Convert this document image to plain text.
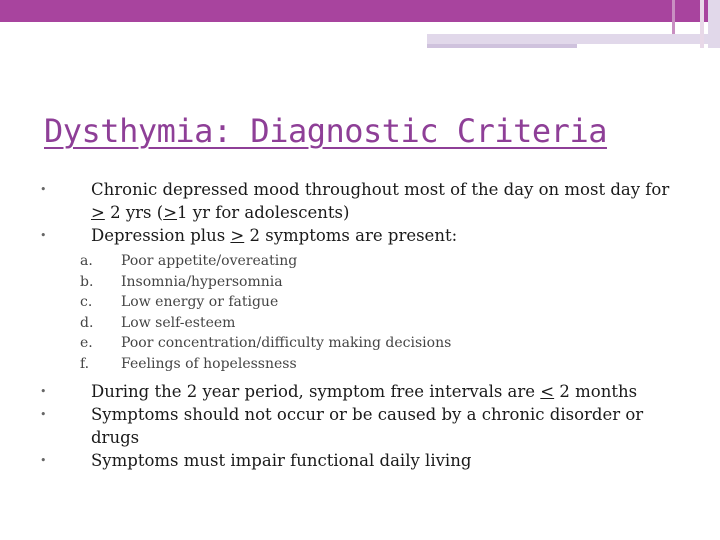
Dysthymia: Diagnostic Criteria
•	Chronic depressed mood throughout most of the day on most day for > 2 yrs (>1 yr for adolescents)
•	Depression plus > 2 symptoms are present:
a. Poor appetite/overeating
b. Insomnia/hypersomnia
c. Low energy or fatigue
d. Low self-esteem
e. Poor concentration/difficulty making decisions
f. Feelings of hopelessness
•	During the 2 year period, symptom free intervals are < 2 months
•	Symptoms should not occur or be caused by a chronic disorder or drugs
•	Symptoms must impair functional daily living
